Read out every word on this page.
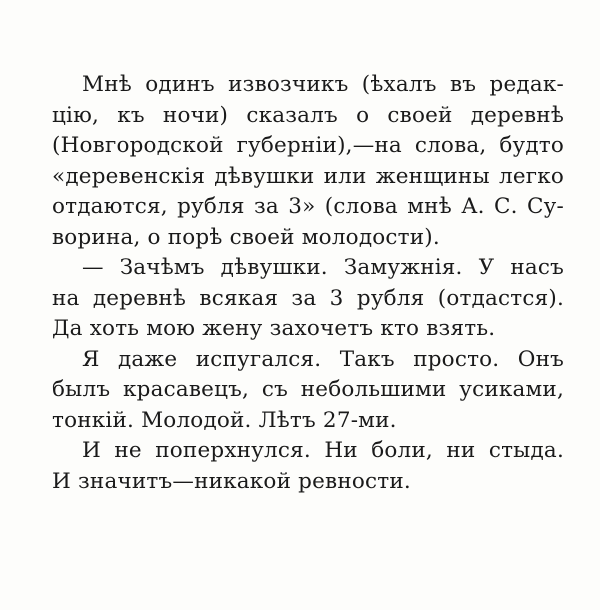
Мнѣ одинъ извозчикъ (ѣхалъ въ редак-
цію, къ ночи) сказалъ о своей деревнѣ
(Новгородской губерніи),—на слова, будто
«деревенскія дѣвушки или женщины легко
отдаются, рубля за 3» (слова мнѣ А. С. Су-
ворина, о порѣ своей молодости).
— Зачѣмъ дѣвушки. Замужнія. У насъ
на деревнѣ всякая за 3 рубля (отдастся).
Да хоть мою жену захочетъ кто взять.
Я даже испугался. Такъ просто. Онъ
былъ красавецъ, съ небольшими усиками,
тонкій. Молодой. Лѣтъ 27-ми.
И не поперхнулся. Ни боли, ни стыда.
И значитъ—никакой ревности.
